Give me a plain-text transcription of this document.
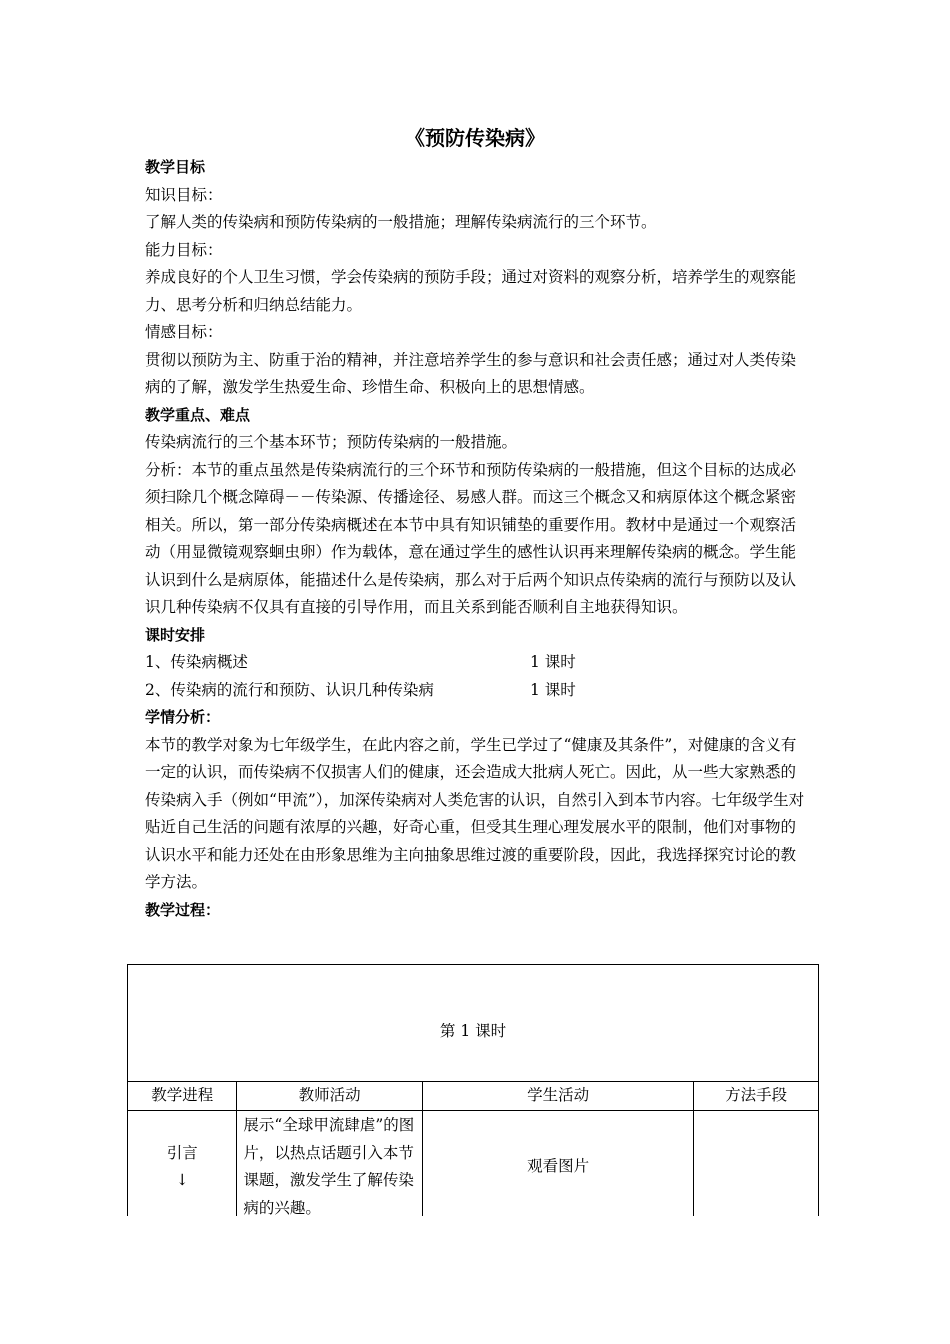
《预防传染病》

教学目标

知识目标：

了解人类的传染病和预防传染病的一般措施；理解传染病流行的三个环节。

能力目标：

养成良好的个人卫生习惯，学会传染病的预防手段；通过对资料的观察分析，培养学生的观察能力、思考分析和归纳总结能力。

情感目标：

贯彻以预防为主、防重于治的精神，并注意培养学生的参与意识和社会责任感；通过对人类传染病的了解，激发学生热爱生命、珍惜生命、积极向上的思想情感。

教学重点、难点

传染病流行的三个基本环节；预防传染病的一般措施。

分析：本节的重点虽然是传染病流行的三个环节和预防传染病的一般措施，但这个目标的达成必须扫除几个概念障碍－－传染源、传播途径、易感人群。而这三个概念又和病原体这个概念紧密相关。所以，第一部分传染病概述在本节中具有知识铺垫的重要作用。教材中是通过一个观察活动（用显微镜观察蛔虫卵）作为载体，意在通过学生的感性认识再来理解传染病的概念。学生能认识到什么是病原体，能描述什么是传染病，那么对于后两个知识点传染病的流行与预防以及认识几种传染病不仅具有直接的引导作用，而且关系到能否顺利自主地获得知识。

课时安排

1、传染病概述	1 课时
2、传染病的流行和预防、认识几种传染病	1 课时

学情分析：

本节的教学对象为七年级学生，在此内容之前，学生已学过了“健康及其条件”，对健康的含义有一定的认识，而传染病不仅损害人们的健康，还会造成大批病人死亡。因此，从一些大家熟悉的传染病入手（例如“甲流”），加深传染病对人类危害的认识，自然引入到本节内容。七年级学生对贴近自己生活的问题有浓厚的兴趣，好奇心重，但受其生理心理发展水平的限制，他们对事物的认识水平和能力还处在由形象思维为主向抽象思维过渡的重要阶段，因此，我选择探究讨论的教学方法。

教学过程：

第 1 课时			
教学进程	教师活动	学生活动	方法手段

引言
↓	展示“全球甲流肆虐”的图片，以热点话题引入本节课题，激发学生了解传染病的兴趣。	观看图片	
